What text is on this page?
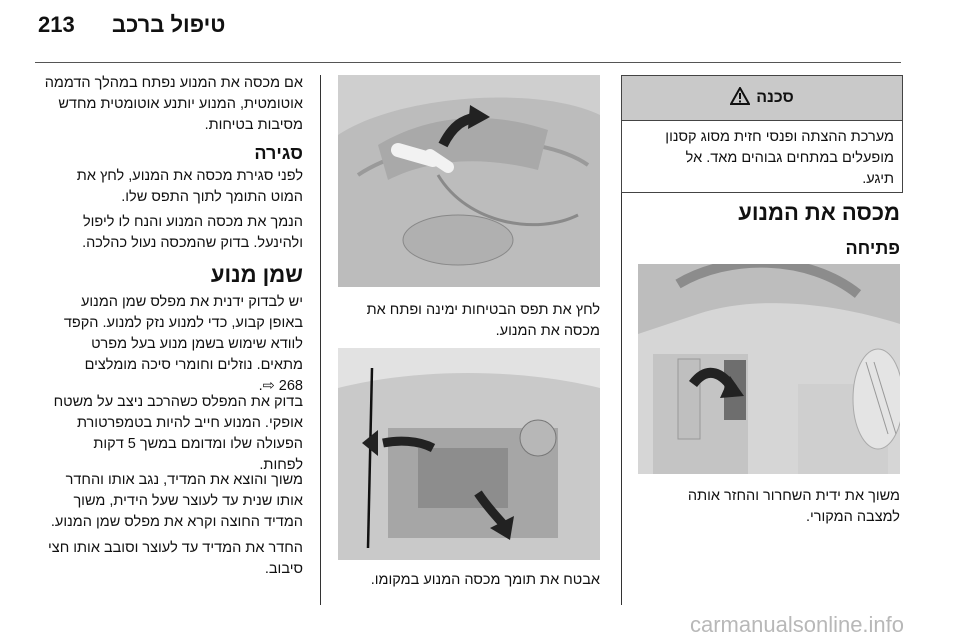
213 טיפול ברכב
סכנה
מערכת ההצתה ופנסי חזית מסוג קסנון
מופעלים במתחים גבוהים מאד. אל
תיגע.
מכסה את המנוע
פתיחה
משוך את ידית השחרור והחזר אותה
למצבה המקורי.
לחץ את תפס הבטיחות ימינה ופתח את
מכסה את המנוע.
אבטח את תומך מכסה המנוע במקומו.
אם מכסה את המנוע נפתח במהלך הדממה
אוטומטית, המנוע יותנע אוטומטית מחדש
מסיבות בטיחות.
סגירה
לפני סגירת מכסה את המנוע, לחץ את
המוט התומך לתוך התפס שלו.
הנמך את מכסה המנוע והנח לו ליפול
ולהינעל. בדוק שהמכסה נעול כהלכה.
שמן מנוע
יש לבדוק ידנית את מפלס שמן המנוע
באופן קבוע, כדי למנוע נזק למנוע. הקפד
לוודא שימוש בשמן מנוע בעל מפרט
מתאים. נוזלים וחומרי סיכה מומלצים
268 ⇨.
בדוק את המפלס כשהרכב ניצב על משטח
אופקי. המנוע חייב להיות בטמפרטורת
הפעולה שלו ומדומם במשך 5 דקות
לפחות.
משוך והוצא את המדיד, נגב אותו והחדר
אותו שנית עד לעוצר שעל הידית, משוך
המדיד החוצה וקרא את מפלס שמן המנוע.
החדר את המדיד עד לעוצר וסובב אותו חצי
סיבוב.
carmanualsonline.info
